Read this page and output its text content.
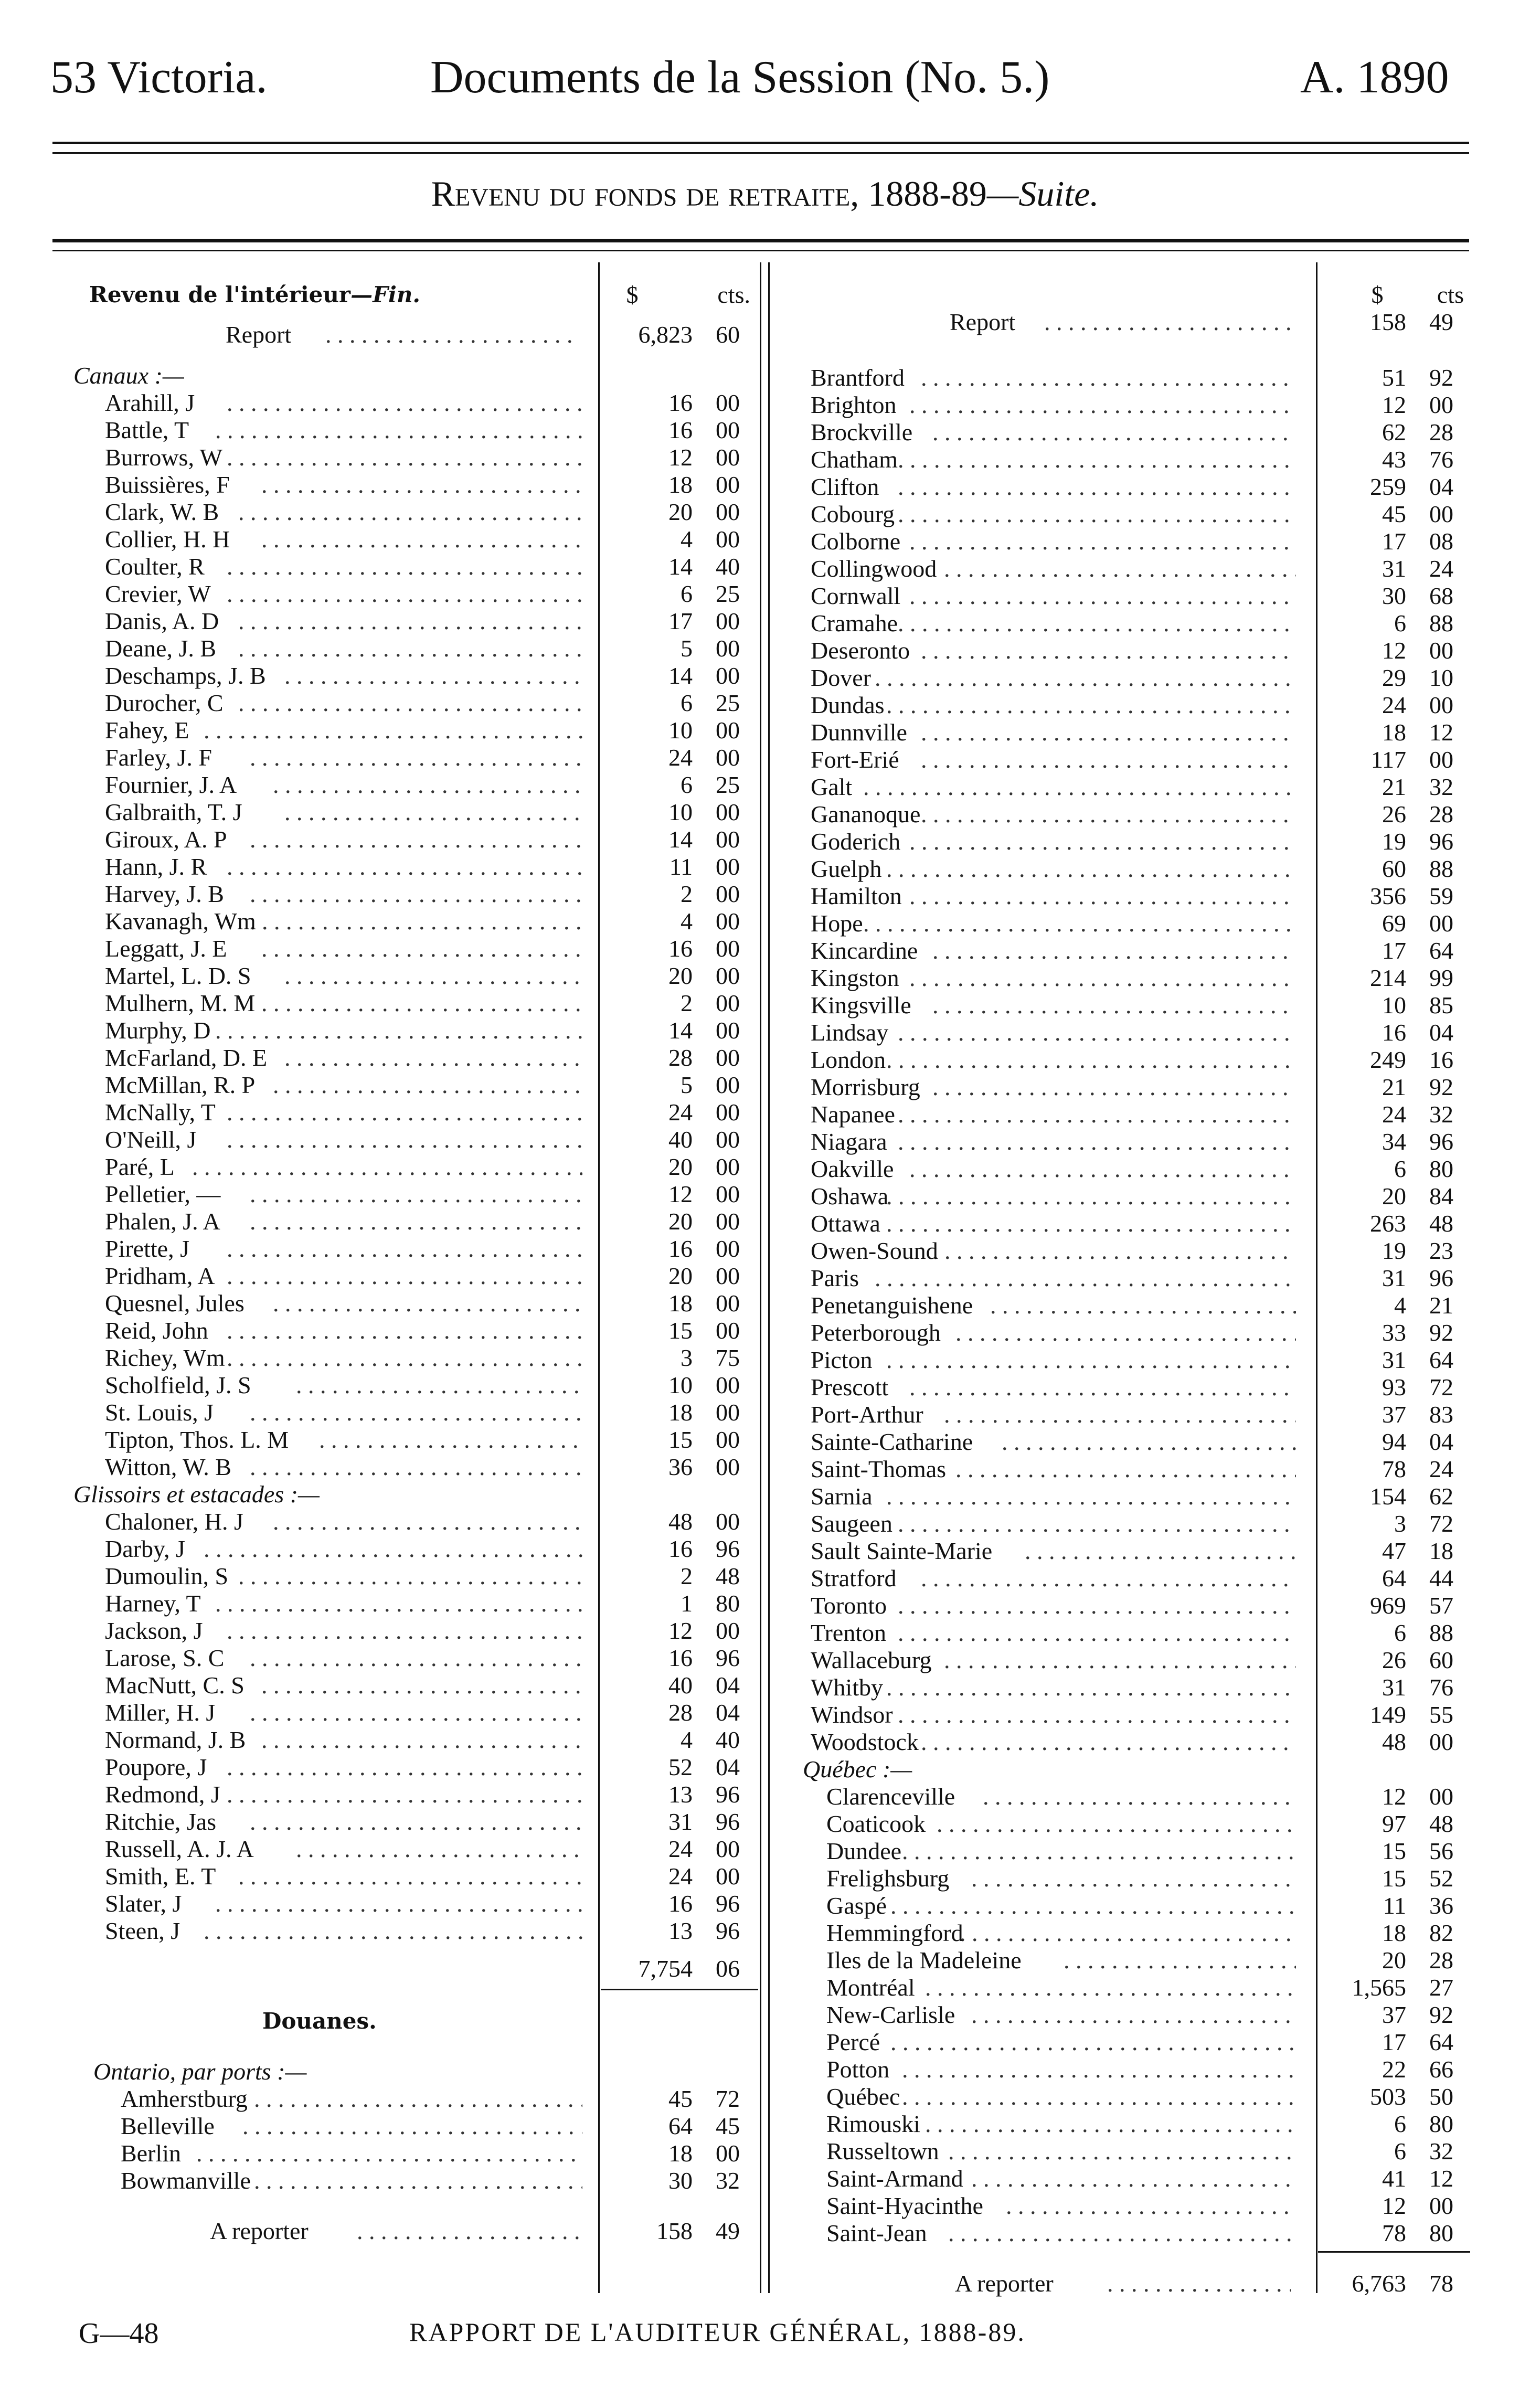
53 Victoria.	Documents de la Session (No. 5.)	A. 1890
Revenu du fonds de retraite, 1888-89—Suite.
Revenu de l'intérieur—Fin.	$	cts.
Report . . .	6,823 60
Canaux :—
. . .
Arahill, J	16 00
. . .
Battle, T	16 00
. . .
Burrows, W	12 00
. . .
Buissières, F	18 00
. . .
Clark, W. B	20 00
. . .
Collier, H. H	4 00
. . .
Coulter, R	14 40
. . .
Crevier, W	6 25
. . .
Danis, A. D	17 00
. . .
Deane, J. B	5 00
. . .
Deschamps, J. B	14 00
. . .
Durocher, C	6 25
. . .
Fahey, E	10 00
. . .
Farley, J. F	24 00
. . .
Fournier, J. A	6 25
. . .
Galbraith, T. J	10 00
. . .
Giroux, A. P	14 00
. . .
Hann, J. R	11 00
. . .
Harvey, J. B	2 00
. . .
Kavanagh, Wm	4 00
. . .
Leggatt, J. E	16 00
. . .
Martel, L. D. S	20 00
. . .
Mulhern, M. M	2 00
. . .
Murphy, D	14 00
. . .
McFarland, D. E	28 00
. . .
McMillan, R. P	5 00
. . .
McNally, T	24 00
. . .
O'Neill, J	40 00
. . .
Paré, L	20 00
. . .
Pelletier, —	12 00
. . .
Phalen, J. A	20 00
. . .
Pirette, J	16 00
. . .
Pridham, A	20 00
. . .
Quesnel, Jules	18 00
. . .
Reid, John	15 00
. . .
Richey, Wm	3 75
. . .
Scholfield, J. S	10 00
. . .
St. Louis, J	18 00
. . .
Tipton, Thos. L. M	15 00
. . .
Witton, W. B	36 00
Glissoirs et estacades :—
. . .
Chaloner, H. J	48 00
. . .
Darby, J	16 96
. . .
Dumoulin, S	2 48
. . .
Harney, T	1 80
. . .
Jackson, J	12 00
. . .
Larose, S. C	16 96
. . .
MacNutt, C. S	40 04
. . .
Miller, H. J	28 04
. . .
Normand, J. B	4 40
. . .
Poupore, J	52 04
. . .
Redmond, J	13 96
. . .
Ritchie, Jas	31 96
. . .
Russell, A. J. A	24 00
. . .
Smith, E. T	24 00
. . .
Slater, J	16 96
. . .
Steen, J	13 96
7,754 06
Douanes.
Ontario, par ports :—
. . .
Amherstburg	45 72
. . .
Belleville	64 45
. . .
Berlin	18 00
. . .
Bowmanville	30 32
A reporter . . .	158 49
$	cts
Report . . .	158 49
. . .
Brantford	51 92
. . .
Brighton	12 00
. . .
Brockville	62 28
. . .
Chatham	43 76
. . .
Clifton	259 04
. . .
Cobourg	45 00
. . .
Colborne	17 08
. . .
Collingwood	31 24
. . .
Cornwall	30 68
. . .
Cramahe	6 88
. . .
Deseronto	12 00
. . .
Dover	29 10
. . .
Dundas	24 00
. . .
Dunnville	18 12
. . .
Fort-Erié	117 00
. . .
Galt	21 32
. . .
Gananoque	26 28
. . .
Goderich	19 96
. . .
Guelph	60 88
. . .
Hamilton	356 59
. . .
Hope	69 00
. . .
Kincardine	17 64
. . .
Kingston	214 99
. . .
Kingsville	10 85
. . .
Lindsay	16 04
. . .
London	249 16
. . .
Morrisburg	21 92
. . .
Napanee	24 32
. . .
Niagara	34 96
. . .
Oakville	6 80
. . .
Oshawa	20 84
. . .
Ottawa	263 48
. . .
Owen-Sound	19 23
. . .
Paris	31 96
. . .
Penetanguishene	4 21
. . .
Peterborough	33 92
. . .
Picton	31 64
. . .
Prescott	93 72
. . .
Port-Arthur	37 83
. . .
Sainte-Catharine	94 04
. . .
Saint-Thomas	78 24
. . .
Sarnia	154 62
. . .
Saugeen	3 72
. . .
Sault Sainte-Marie	47 18
. . .
Stratford	64 44
. . .
Toronto	969 57
. . .
Trenton	6 88
. . .
Wallaceburg	26 60
. . .
Whitby	31 76
. . .
Windsor	149 55
. . .
Woodstock	48 00
Québec :—
. . .
Clarenceville	12 00
. . .
Coaticook	97 48
. . .
Dundee	15 56
. . .
Frelighsburg	15 52
. . .
Gaspé	11 36
. . .
Hemmingford	18 82
. . .
Iles de la Madeleine	20 28
. . .
Montréal	1,565 27
. . .
New-Carlisle	37 92
. . .
Percé	17 64
. . .
Potton	22 66
. . .
Québec	503 50
. . .
Rimouski	6 80
. . .
Russeltown	6 32
. . .
Saint-Armand	41 12
. . .
Saint-Hyacinthe	12 00
. . .
Saint-Jean	78 80
A reporter . . .	6,763 78
G—48	RAPPORT DE L'AUDITEUR GÉNÉRAL, 1888-89.
